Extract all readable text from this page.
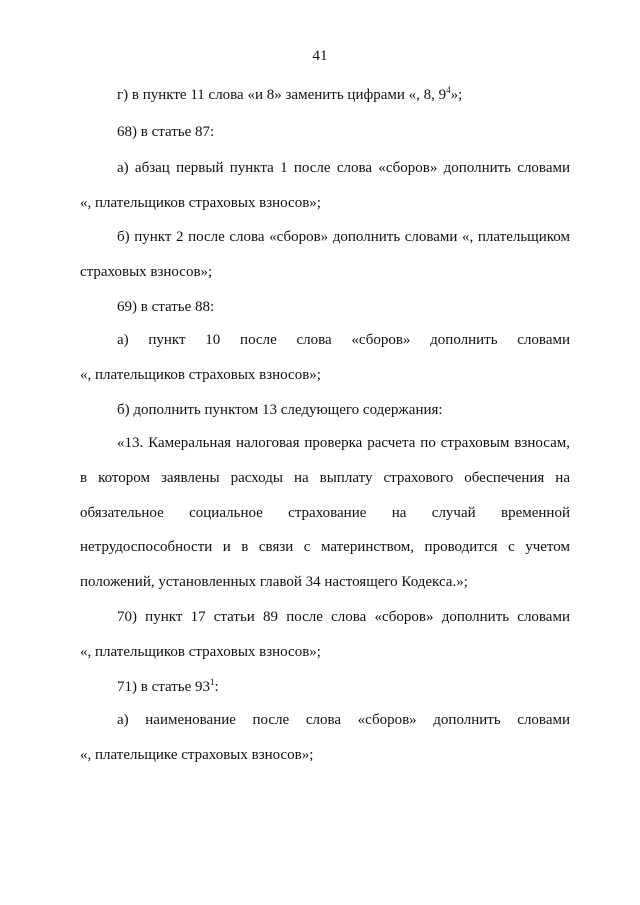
41
г) в пункте 11 слова «и 8» заменить цифрами «, 8, $9^4$»;
68) в статье 87:
а) абзац первый пункта 1 после слова «сборов» дополнить словами
«, плательщиков страховых взносов»;
б) пункт 2 после слова «сборов» дополнить словами «, плательщиком
страховых взносов»;
69) в статье 88:
а) пункт 10 после слова «сборов» дополнить словами
«, плательщиков страховых взносов»;
б) дополнить пунктом 13 следующего содержания:
«13. Камеральная налоговая проверка расчета по страховым взносам,
в котором заявлены расходы на выплату страхового обеспечения на
обязательное социальное страхование на случай временной
нетрудоспособности и в связи с материнством, проводится с учетом
положений, установленных главой 34 настоящего Кодекса.»;
70) пункт 17 статьи 89 после слова «сборов» дополнить словами
«, плательщиков страховых взносов»;
71) в статье $93^1$:
а) наименование после слова «сборов» дополнить словами
«, плательщике страховых взносов»;
